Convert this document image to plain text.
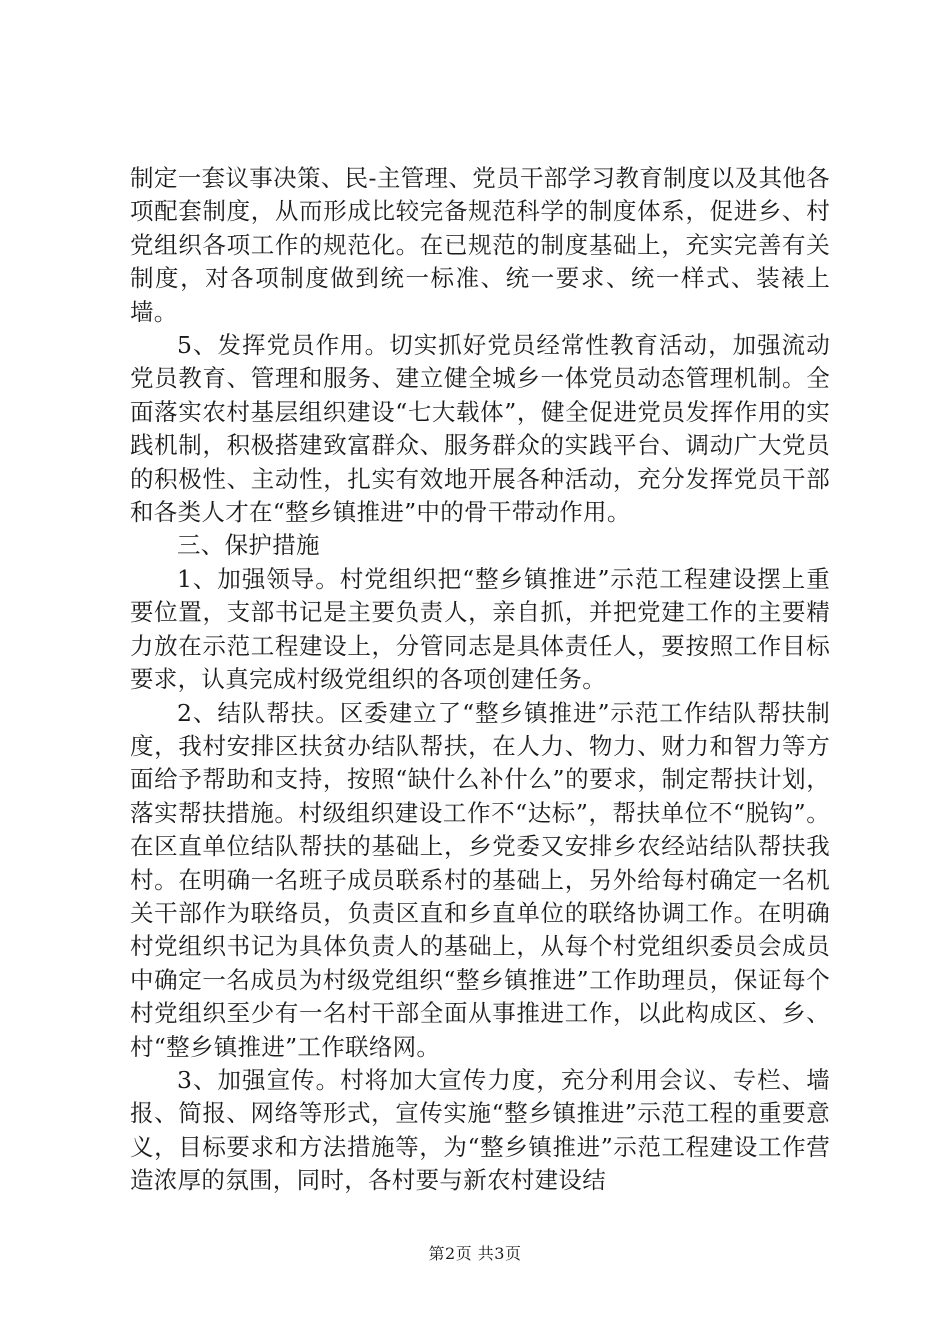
制定一套议事决策、民-主管理、党员干部学习教育制度以及其他各项配套制度，从而形成比较完备规范科学的制度体系，促进乡、村党组织各项工作的规范化。在已规范的制度基础上，充实完善有关制度，对各项制度做到统一标准、统一要求、统一样式、装裱上墙。

5、发挥党员作用。切实抓好党员经常性教育活动，加强流动党员教育、管理和服务、建立健全城乡一体党员动态管理机制。全面落实农村基层组织建设“七大载体”，健全促进党员发挥作用的实践机制，积极搭建致富群众、服务群众的实践平台、调动广大党员的积极性、主动性，扎实有效地开展各种活动，充分发挥党员干部和各类人才在“整乡镇推进”中的骨干带动作用。

三、保护措施

1、加强领导。村党组织把“整乡镇推进”示范工程建设摆上重要位置，支部书记是主要负责人，亲自抓，并把党建工作的主要精力放在示范工程建设上，分管同志是具体责任人，要按照工作目标要求，认真完成村级党组织的各项创建任务。

2、结队帮扶。区委建立了“整乡镇推进”示范工作结队帮扶制度，我村安排区扶贫办结队帮扶，在人力、物力、财力和智力等方面给予帮助和支持，按照“缺什么补什么”的要求，制定帮扶计划，落实帮扶措施。村级组织建设工作不“达标”，帮扶单位不“脱钩”。在区直单位结队帮扶的基础上，乡党委又安排乡农经站结队帮扶我村。在明确一名班子成员联系村的基础上，另外给每村确定一名机关干部作为联络员，负责区直和乡直单位的联络协调工作。在明确村党组织书记为具体负责人的基础上，从每个村党组织委员会成员中确定一名成员为村级党组织“整乡镇推进”工作助理员，保证每个村党组织至少有一名村干部全面从事推进工作，以此构成区、乡、村“整乡镇推进”工作联络网。

3、加强宣传。村将加大宣传力度，充分利用会议、专栏、墙报、简报、网络等形式，宣传实施“整乡镇推进”示范工程的重要意义，目标要求和方法措施等，为“整乡镇推进”示范工程建设工作营造浓厚的氛围，同时，各村要与新农村建设结

第2页 共3页
